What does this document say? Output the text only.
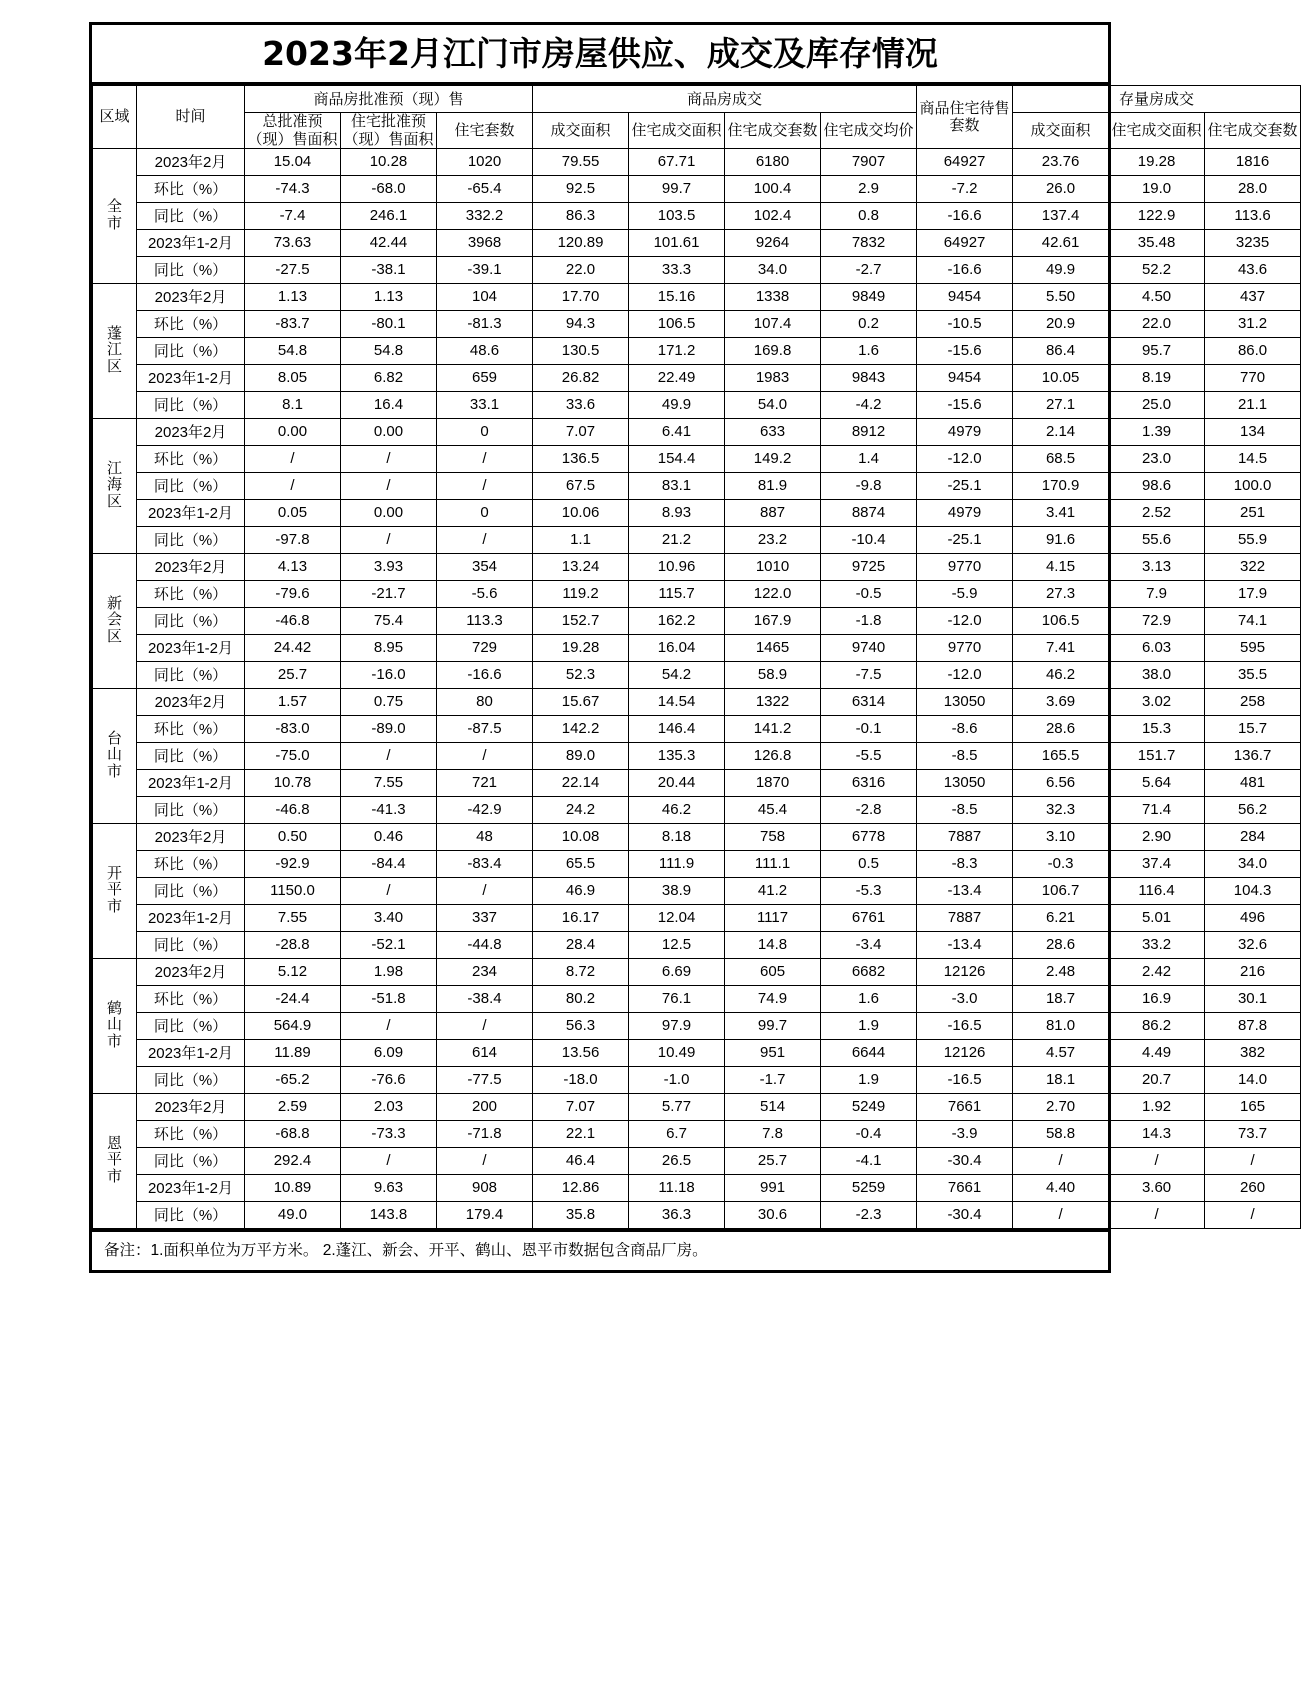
2023年2月江门市房屋供应、成交及库存情况
区域	时间	商品房批准预（现）售			商品房成交				商品住宅待售套数	存量房成交		
		总批准预（现）售面积	住宅批准预（现）售面积	住宅套数	成交面积	住宅成交面积	住宅成交套数	住宅成交均价		成交面积	住宅成交面积	住宅成交套数

全
市	2023年2月	15.04	10.28	1020	79.55	67.71	6180	7907	64927	23.76	19.28	1816
	环比（%）	-74.3	-68.0	-65.4	92.5	99.7	100.4	2.9	-7.2	26.0	19.0	28.0
	同比（%）	-7.4	246.1	332.2	86.3	103.5	102.4	0.8	-16.6	137.4	122.9	113.6
	2023年1-2月	73.63	42.44	3968	120.89	101.61	9264	7832	64927	42.61	35.48	3235
	同比（%）	-27.5	-38.1	-39.1	22.0	33.3	34.0	-2.7	-16.6	49.9	52.2	43.6

蓬
江
区	2023年2月	1.13	1.13	104	17.70	15.16	1338	9849	9454	5.50	4.50	437
	环比（%）	-83.7	-80.1	-81.3	94.3	106.5	107.4	0.2	-10.5	20.9	22.0	31.2
	同比（%）	54.8	54.8	48.6	130.5	171.2	169.8	1.6	-15.6	86.4	95.7	86.0
	2023年1-2月	8.05	6.82	659	26.82	22.49	1983	9843	9454	10.05	8.19	770
	同比（%）	8.1	16.4	33.1	33.6	49.9	54.0	-4.2	-15.6	27.1	25.0	21.1

江
海
区	2023年2月	0.00	0.00	0	7.07	6.41	633	8912	4979	2.14	1.39	134
	环比（%）	/	/	/	136.5	154.4	149.2	1.4	-12.0	68.5	23.0	14.5
	同比（%）	/	/	/	67.5	83.1	81.9	-9.8	-25.1	170.9	98.6	100.0
	2023年1-2月	0.05	0.00	0	10.06	8.93	887	8874	4979	3.41	2.52	251
	同比（%）	-97.8	/	/	1.1	21.2	23.2	-10.4	-25.1	91.6	55.6	55.9

新
会
区	2023年2月	4.13	3.93	354	13.24	10.96	1010	9725	9770	4.15	3.13	322
	环比（%）	-79.6	-21.7	-5.6	119.2	115.7	122.0	-0.5	-5.9	27.3	7.9	17.9
	同比（%）	-46.8	75.4	113.3	152.7	162.2	167.9	-1.8	-12.0	106.5	72.9	74.1
	2023年1-2月	24.42	8.95	729	19.28	16.04	1465	9740	9770	7.41	6.03	595
	同比（%）	25.7	-16.0	-16.6	52.3	54.2	58.9	-7.5	-12.0	46.2	38.0	35.5

台
山
市	2023年2月	1.57	0.75	80	15.67	14.54	1322	6314	13050	3.69	3.02	258
	环比（%）	-83.0	-89.0	-87.5	142.2	146.4	141.2	-0.1	-8.6	28.6	15.3	15.7
	同比（%）	-75.0	/	/	89.0	135.3	126.8	-5.5	-8.5	165.5	151.7	136.7
	2023年1-2月	10.78	7.55	721	22.14	20.44	1870	6316	13050	6.56	5.64	481
	同比（%）	-46.8	-41.3	-42.9	24.2	46.2	45.4	-2.8	-8.5	32.3	71.4	56.2

开
平
市	2023年2月	0.50	0.46	48	10.08	8.18	758	6778	7887	3.10	2.90	284
	环比（%）	-92.9	-84.4	-83.4	65.5	111.9	111.1	0.5	-8.3	-0.3	37.4	34.0
	同比（%）	1150.0	/	/	46.9	38.9	41.2	-5.3	-13.4	106.7	116.4	104.3
	2023年1-2月	7.55	3.40	337	16.17	12.04	1117	6761	7887	6.21	5.01	496
	同比（%）	-28.8	-52.1	-44.8	28.4	12.5	14.8	-3.4	-13.4	28.6	33.2	32.6

鹤
山
市	2023年2月	5.12	1.98	234	8.72	6.69	605	6682	12126	2.48	2.42	216
	环比（%）	-24.4	-51.8	-38.4	80.2	76.1	74.9	1.6	-3.0	18.7	16.9	30.1
	同比（%）	564.9	/	/	56.3	97.9	99.7	1.9	-16.5	81.0	86.2	87.8
	2023年1-2月	11.89	6.09	614	13.56	10.49	951	6644	12126	4.57	4.49	382
	同比（%）	-65.2	-76.6	-77.5	-18.0	-1.0	-1.7	1.9	-16.5	18.1	20.7	14.0

恩
平
市	2023年2月	2.59	2.03	200	7.07	5.77	514	5249	7661	2.70	1.92	165
	环比（%）	-68.8	-73.3	-71.8	22.1	6.7	7.8	-0.4	-3.9	58.8	14.3	73.7
	同比（%）	292.4	/	/	46.4	26.5	25.7	-4.1	-30.4	/	/	/
	2023年1-2月	10.89	9.63	908	12.86	11.18	991	5259	7661	4.40	3.60	260
	同比（%）	49.0	143.8	179.4	35.8	36.3	30.6	-2.3	-30.4	/	/	/
备注：1.面积单位为万平方米。 2.蓬江、新会、开平、鹤山、恩平市数据包含商品厂房。
